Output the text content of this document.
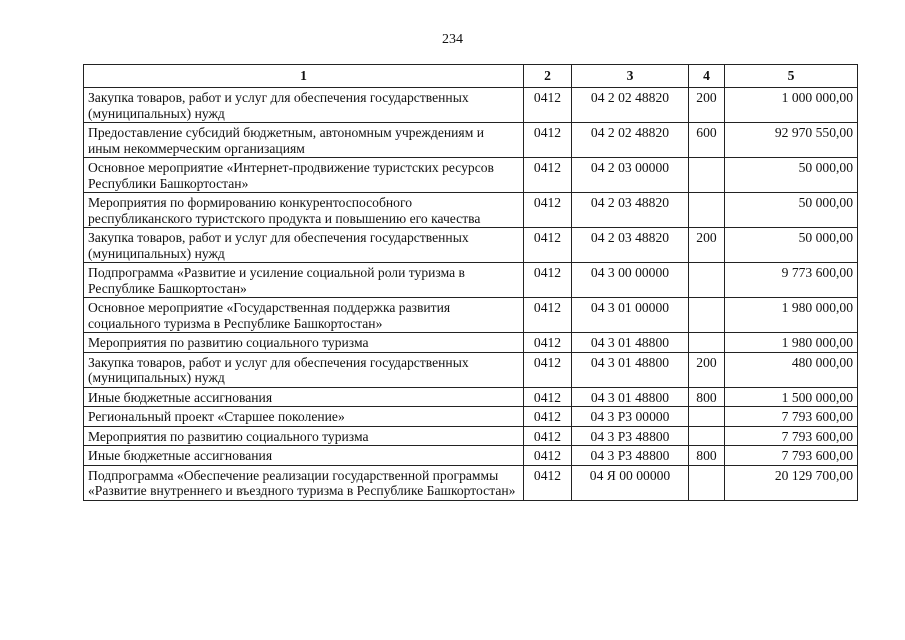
234
1	2	3	4	5
Закупка товаров, работ и услуг для обеспечения государственных (муниципальных) нужд	0412	04 2 02 48820	200	1 000 000,00
Предоставление субсидий бюджетным, автономным учреждениям и иным некоммерческим организациям	0412	04 2 02 48820	600	92 970 550,00
Основное мероприятие «Интернет-продвижение туристских ресурсов Республики Башкортостан»	0412	04 2 03 00000		50 000,00
Мероприятия по формированию конкурентоспособного республиканского туристского продукта и повышению его качества	0412	04 2 03 48820		50 000,00
Закупка товаров, работ и услуг для обеспечения государственных (муниципальных) нужд	0412	04 2 03 48820	200	50 000,00
Подпрограмма «Развитие и усиление социальной роли туризма в Республике Башкортостан»	0412	04 3 00 00000		9 773 600,00
Основное мероприятие «Государственная поддержка развития социального туризма в Республике Башкортостан»	0412	04 3 01 00000		1 980 000,00
Мероприятия по развитию социального туризма	0412	04 3 01 48800		1 980 000,00
Закупка товаров, работ и услуг для обеспечения государственных (муниципальных) нужд	0412	04 3 01 48800	200	480 000,00
Иные бюджетные ассигнования	0412	04 3 01 48800	800	1 500 000,00
Региональный проект «Старшее поколение»	0412	04 3 P3 00000		7 793 600,00
Мероприятия по развитию социального туризма	0412	04 3 P3 48800		7 793 600,00
Иные бюджетные ассигнования	0412	04 3 P3 48800	800	7 793 600,00
Подпрограмма «Обеспечение реализации государственной программы «Развитие внутреннего и въездного туризма в Республике Башкортостан»	0412	04 Я 00 00000		20 129 700,00
